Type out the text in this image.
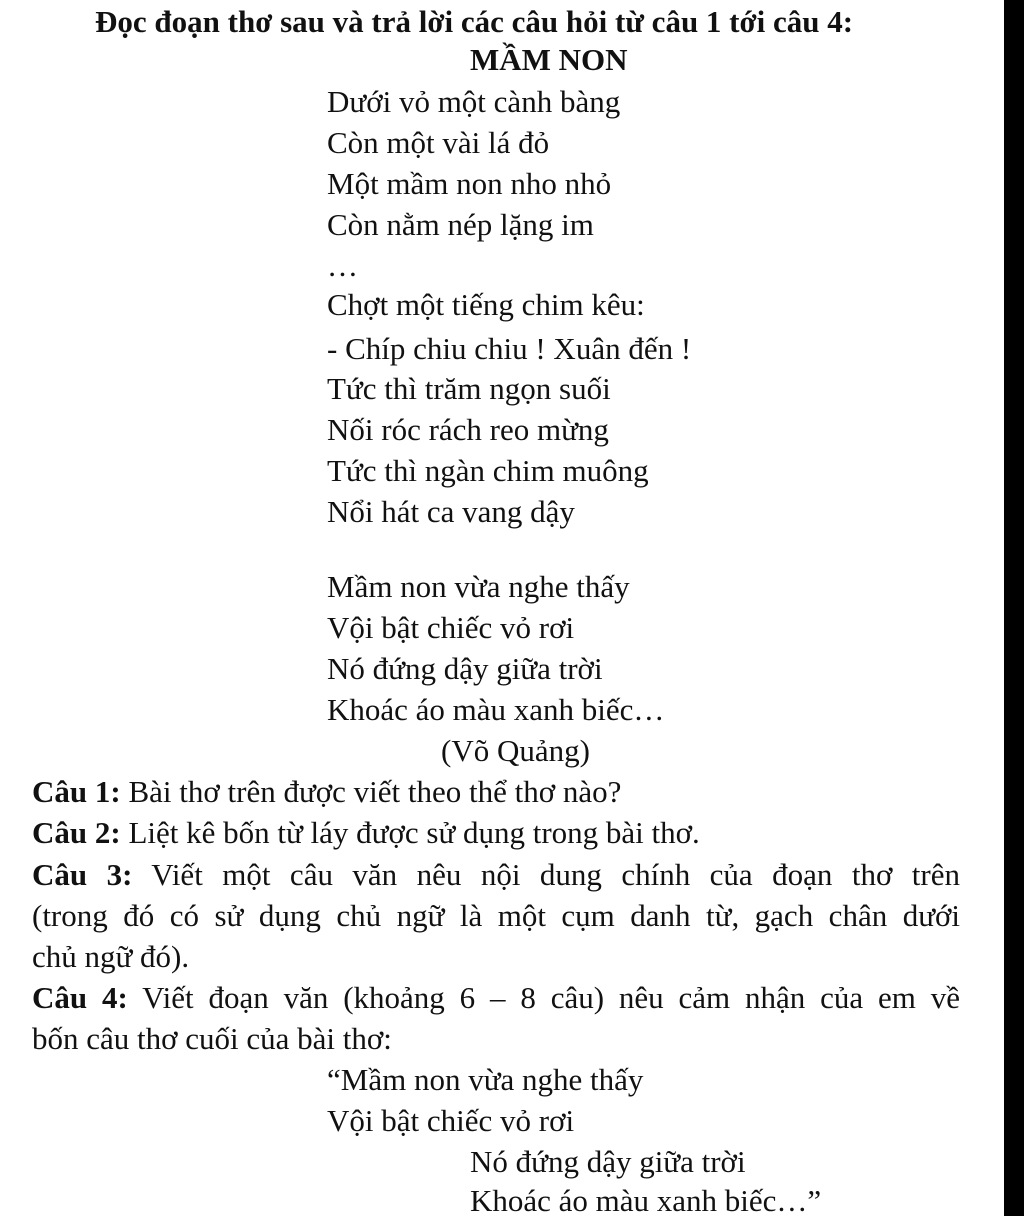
Đọc đoạn thơ sau và trả lời các câu hỏi từ câu 1 tới câu 4:
MẦM NON
Dưới vỏ một cành bàng
Còn một vài lá đỏ
Một mầm non nho nhỏ
Còn nằm nép lặng im
…
Chợt một tiếng chim kêu:
- Chíp chiu chiu ! Xuân đến !
Tức thì trăm ngọn suối
Nối róc rách reo mừng
Tức thì ngàn chim muông
Nổi hát ca vang dậy
Mầm non vừa nghe thấy
Vội bật chiếc vỏ rơi
Nó đứng dậy giữa trời
Khoác áo màu xanh biếc…
(Võ Quảng)
Câu 1: Bài thơ trên được viết theo thể thơ nào?
Câu 2: Liệt kê bốn từ láy được sử dụng trong bài thơ.
Câu 3: Viết một câu văn nêu nội dung chính của đoạn thơ trên
(trong đó có sử dụng chủ ngữ là một cụm danh từ, gạch chân dưới
chủ ngữ đó).
Câu 4: Viết đoạn văn (khoảng 6 – 8 câu) nêu cảm nhận của em về
bốn câu thơ cuối của bài thơ:
“Mầm non vừa nghe thấy
Vội bật chiếc vỏ rơi
Nó đứng dậy giữa trời
Khoác áo màu xanh biếc…”
